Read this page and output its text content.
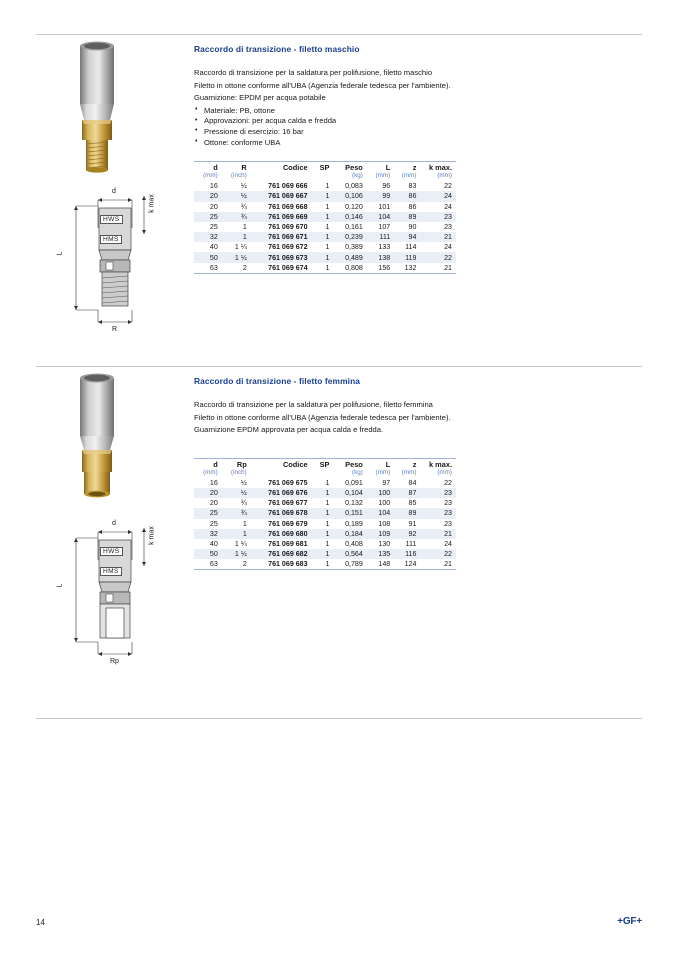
d
k max
L
R
HWS
HMS
Raccordo di transizione - filetto maschio
Raccordo di transizione per la saldatura per polifusione, filetto maschio
Filetto in ottone conforme all'UBA (Agenzia federale tedesca per l'ambiente).
Guarnizione: EPDM per acqua potabile
• Materiale: PB, ottone
• Approvazioni: per acqua calda e fredda
• Pressione di esercizio: 16 bar
• Ottone: conforme UBA
d	R	Codice	SP	Peso	L	z	k max.
(mm)	(inch)			(kg)	(mm)	(mm)	(mm)
16	½	761 069 666	1	0,083	96	83	22
20	½	761 069 667	1	0,106	99	86	24
20	¾	761 069 668	1	0,120	101	86	24
25	¾	761 069 669	1	0,146	104	89	23
25	1	761 069 670	1	0,161	107	90	23
32	1	761 069 671	1	0,239	111	94	21
40	1 ¼	761 069 672	1	0,389	133	114	24
50	1 ½	761 069 673	1	0,489	138	119	22
63	2	761 069 674	1	0,808	156	132	21
d
k max
L
Rp
HWS
HMS
Raccordo di transizione - filetto femmina
Raccordo di transizione per la saldatura per polifusione, filetto femmina
Filetto in ottone conforme all'UBA (Agenzia federale tedesca per l'ambiente).
Guarnizione EPDM approvata per acqua calda e fredda.
d	Rp	Codice	SP	Peso	L	z	k max.
(mm)	(inch)			(kg)	(mm)	(mm)	(mm)
16	½	761 069 675	1	0,091	97	84	22
20	½	761 069 676	1	0,104	100	87	23
20	¾	761 069 677	1	0,132	100	85	23
25	¾	761 069 678	1	0,151	104	89	23
25	1	761 069 679	1	0,189	108	91	23
32	1	761 069 680	1	0,184	109	92	21
40	1 ¼	761 069 681	1	0,408	130	111	24
50	1 ½	761 069 682	1	0,564	135	116	22
63	2	761 069 683	1	0,789	148	124	21
14	+GF+
